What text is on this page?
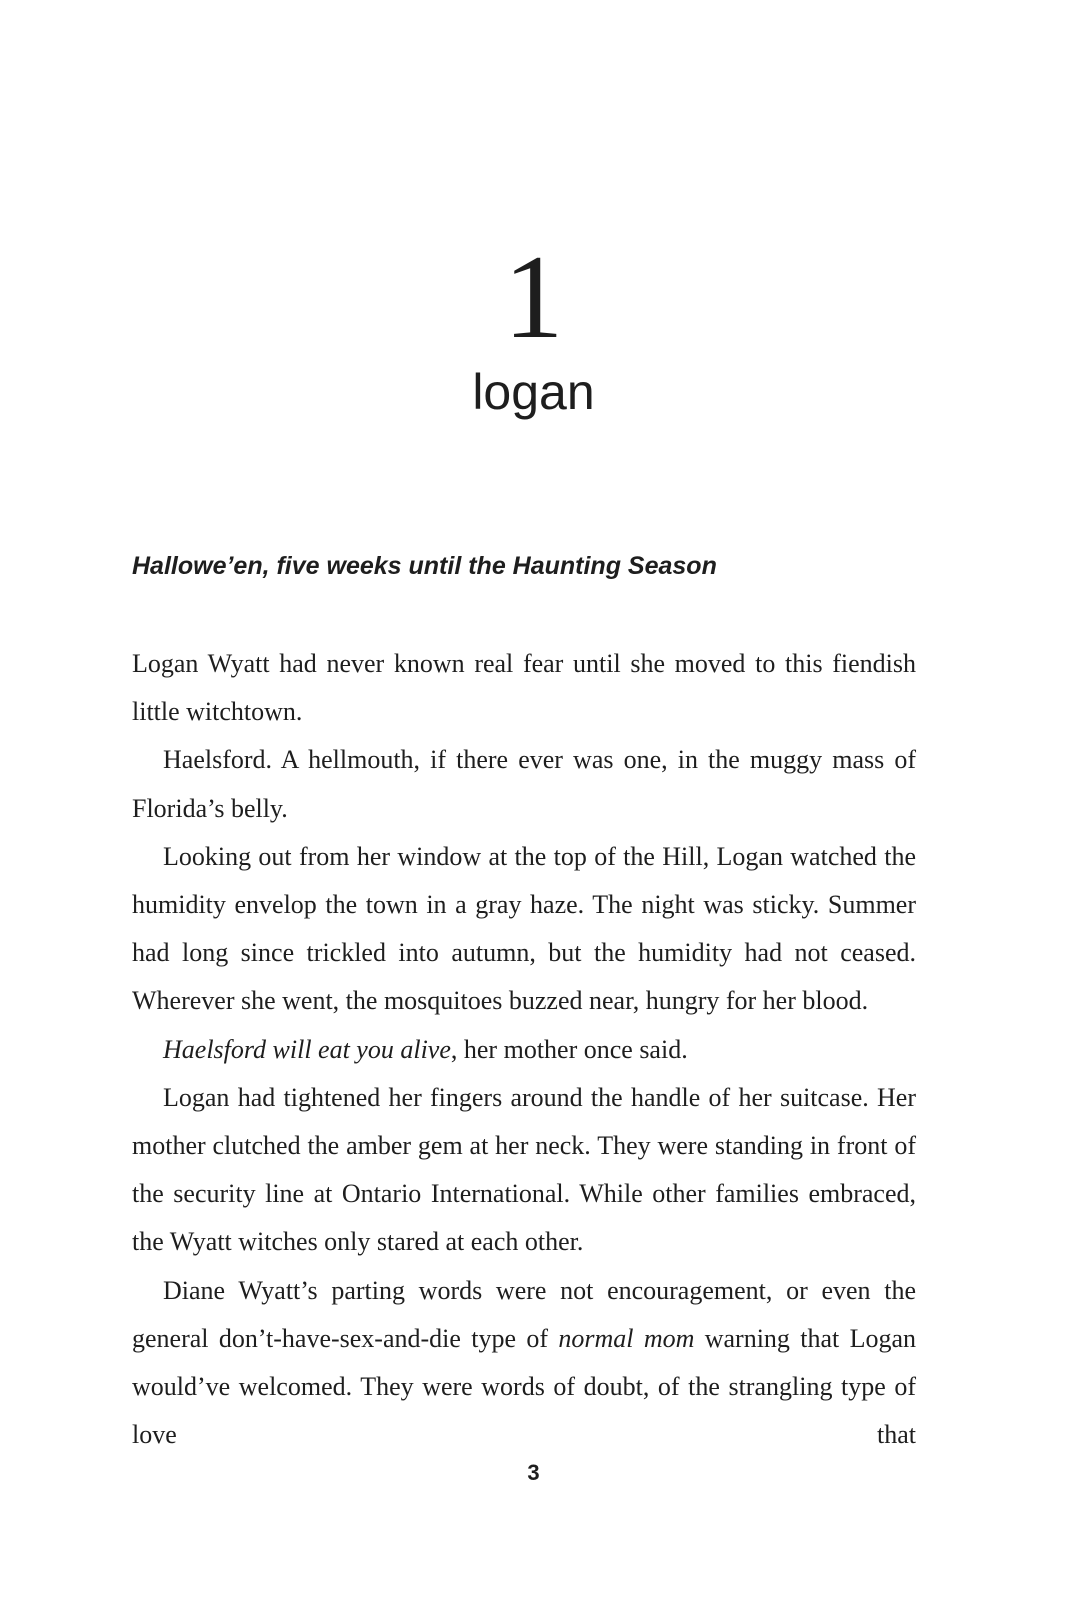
1
logan
Hallowe’en, five weeks until the Haunting Season

Logan Wyatt had never known real fear until she moved to this fiendish little witchtown.

Haelsford. A hellmouth, if there ever was one, in the muggy mass of Florida’s belly.

Looking out from her window at the top of the Hill, Logan watched the humidity envelop the town in a gray haze. The night was sticky. Summer had long since trickled into autumn, but the humidity had not ceased. Wherever she went, the mosquitoes buzzed near, hungry for her blood.

Haelsford will eat you alive, her mother once said.

Logan had tightened her fingers around the handle of her suitcase. Her mother clutched the amber gem at her neck. They were standing in front of the security line at Ontario International. While other families embraced, the Wyatt witches only stared at each other.

Diane Wyatt’s parting words were not encouragement, or even the general don’t-have-sex-and-die type of normal mom warning that Logan would’ve welcomed. They were words of doubt, of the strangling type of love that

3
